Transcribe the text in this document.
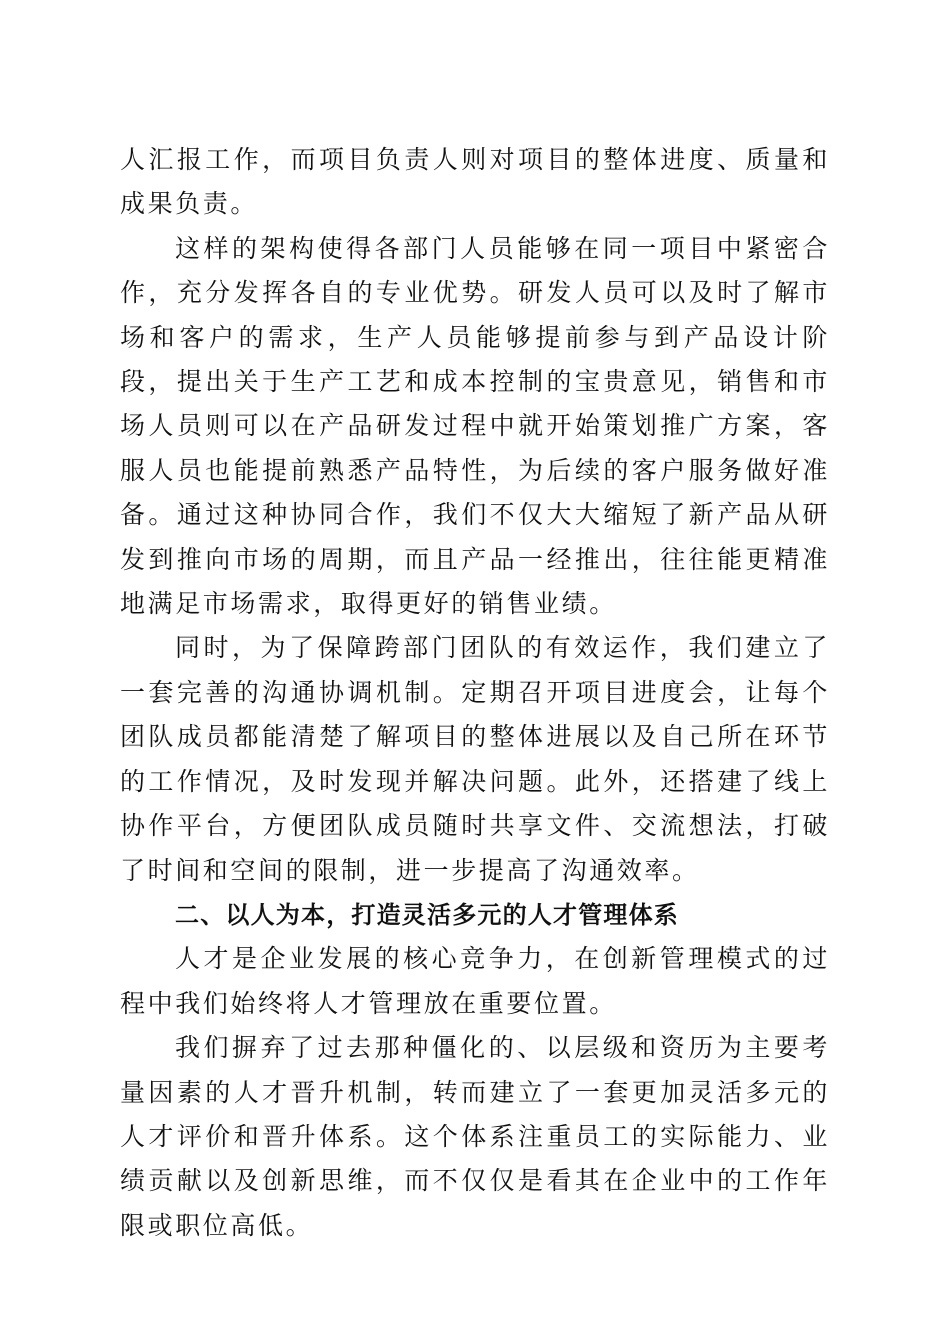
人汇报工作，而项目负责人则对项目的整体进度、质量和成果负责。

这样的架构使得各部门人员能够在同一项目中紧密合作，充分发挥各自的专业优势。研发人员可以及时了解市场和客户的需求，生产人员能够提前参与到产品设计阶段，提出关于生产工艺和成本控制的宝贵意见，销售和市场人员则可以在产品研发过程中就开始策划推广方案，客服人员也能提前熟悉产品特性，为后续的客户服务做好准备。通过这种协同合作，我们不仅大大缩短了新产品从研发到推向市场的周期，而且产品一经推出，往往能更精准地满足市场需求，取得更好的销售业绩。

同时，为了保障跨部门团队的有效运作，我们建立了一套完善的沟通协调机制。定期召开项目进度会，让每个团队成员都能清楚了解项目的整体进展以及自己所在环节的工作情况，及时发现并解决问题。此外，还搭建了线上协作平台，方便团队成员随时共享文件、交流想法，打破了时间和空间的限制，进一步提高了沟通效率。

二、以人为本，打造灵活多元的人才管理体系

人才是企业发展的核心竞争力，在创新管理模式的过程中我们始终将人才管理放在重要位置。

我们摒弃了过去那种僵化的、以层级和资历为主要考量因素的人才晋升机制，转而建立了一套更加灵活多元的人才评价和晋升体系。这个体系注重员工的实际能力、业绩贡献以及创新思维，而不仅仅是看其在企业中的工作年限或职位高低。
